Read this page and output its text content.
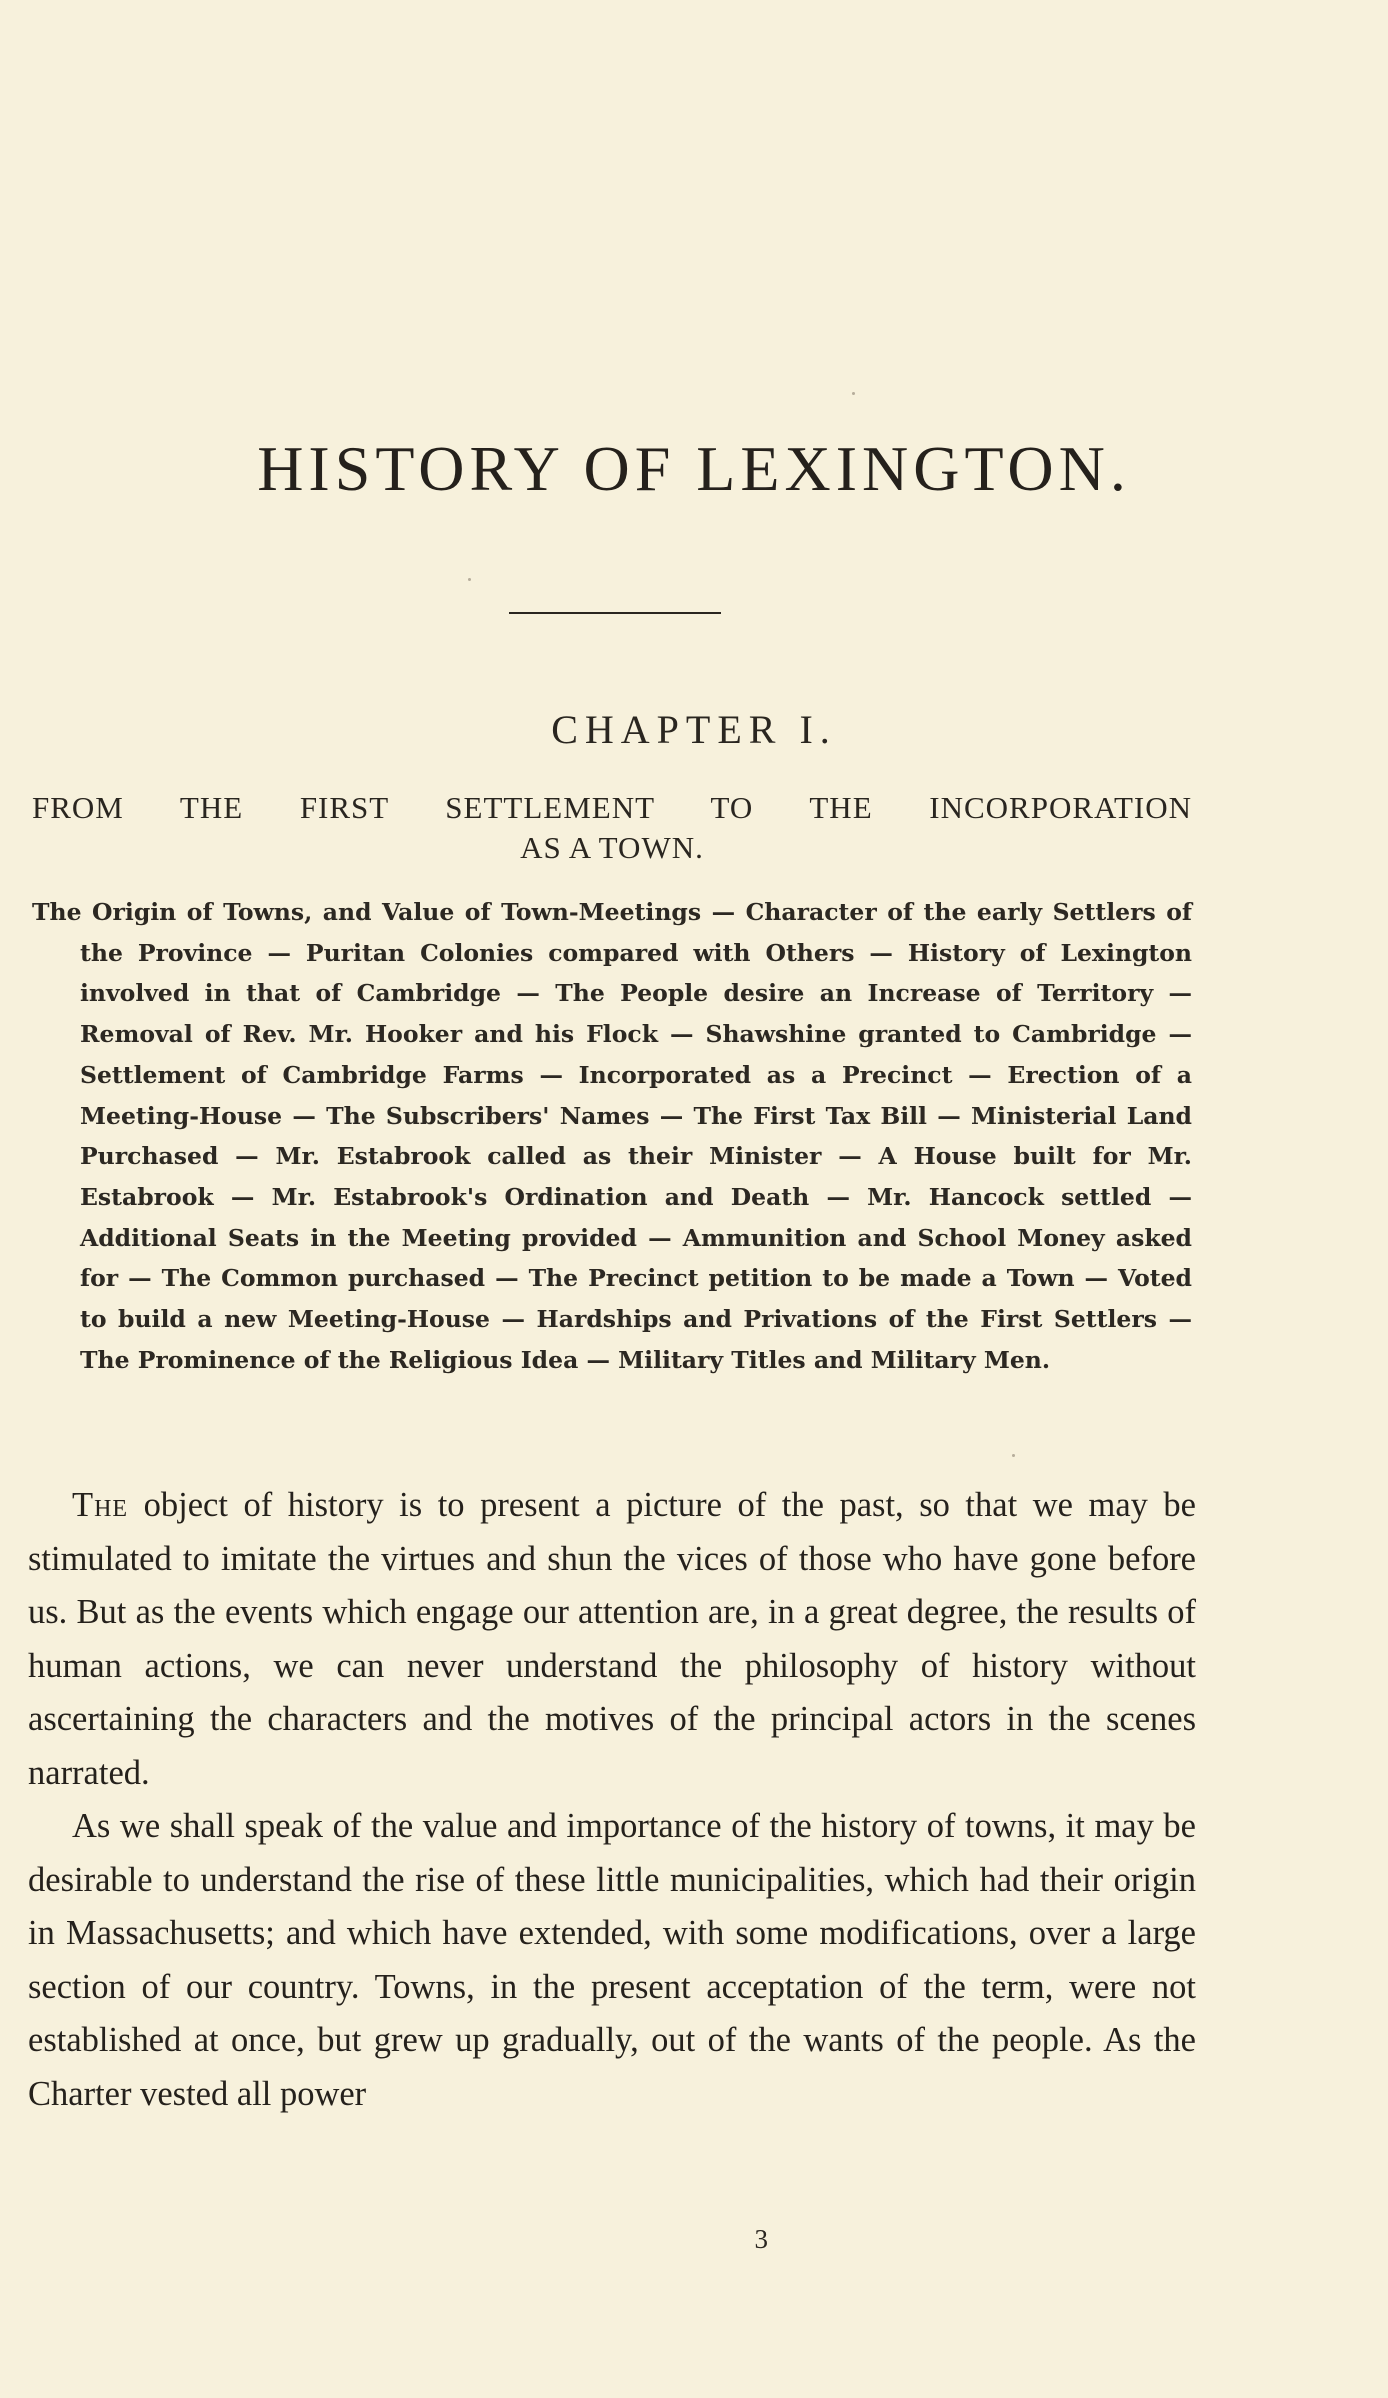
HISTORY OF LEXINGTON.
CHAPTER I.
FROM THE FIRST SETTLEMENT TO THE INCORPORATION
AS A TOWN.

The Origin of Towns, and Value of Town-Meetings — Character of the early Settlers of the Province — Puritan Colonies compared with Others — History of Lexington involved in that of Cambridge — The People desire an Increase of Territory — Removal of Rev. Mr. Hooker and his Flock — Shawshine granted to Cambridge — Settlement of Cambridge Farms — Incorporated as a Precinct — Erection of a Meeting-House — The Subscribers' Names — The First Tax Bill — Ministerial Land Purchased — Mr. Estabrook called as their Minister — A House built for Mr. Estabrook — Mr. Estabrook's Ordination and Death — Mr. Hancock settled — Additional Seats in the Meeting provided — Ammunition and School Money asked for — The Common purchased — The Precinct petition to be made a Town — Voted to build a new Meeting-House — Hardships and Privations of the First Settlers — The Prominence of the Religious Idea — Military Titles and Military Men.

The object of history is to present a picture of the past, so that we may be stimulated to imitate the virtues and shun the vices of those who have gone before us. But as the events which engage our attention are, in a great degree, the results of human actions, we can never understand the philosophy of history without ascertaining the characters and the motives of the principal actors in the scenes narrated.

As we shall speak of the value and importance of the history of towns, it may be desirable to understand the rise of these little municipalities, which had their origin in Massachusetts; and which have extended, with some modifications, over a large section of our country. Towns, in the present acceptation of the term, were not established at once, but grew up gradually, out of the wants of the people. As the Charter vested all power

3
